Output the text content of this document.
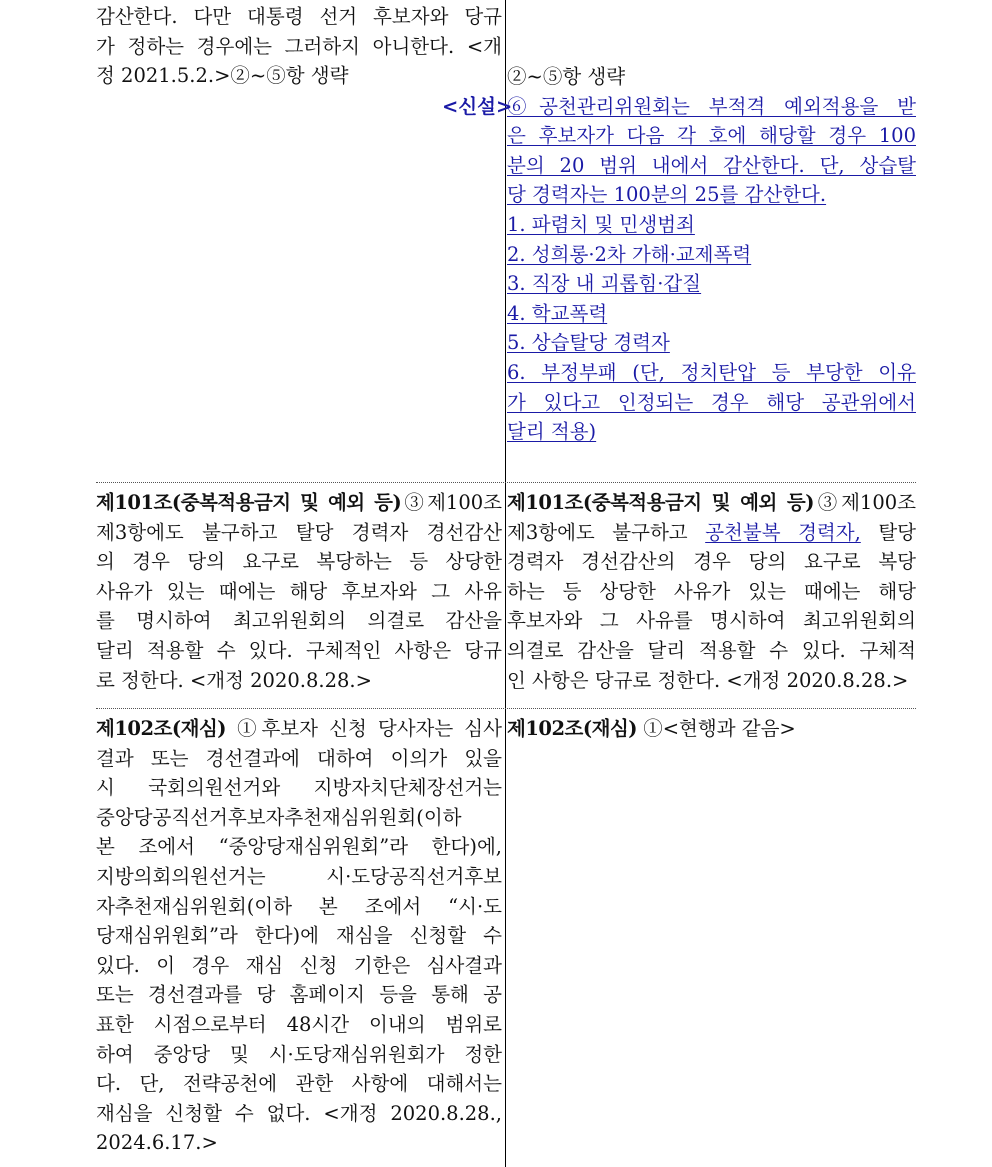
감산한다. 다만 대통령 선거 후보자와 당규
가 정하는 경우에는 그러하지 아니한다. <개
정 2021.5.2.>②~⑤항 생략
<신설>
②~⑤항 생략
⑥공천관리위원회는 부적격 예외적용을 받
은 후보자가 다음 각 호에 해당할 경우 100
분의 20 범위 내에서 감산한다. 단, 상습탈
당 경력자는 100분의 25를 감산한다.
1. 파렴치 및 민생범죄
2. 성희롱·2차 가해·교제폭력
3. 직장 내 괴롭힘·갑질
4. 학교폭력
5. 상습탈당 경력자
6. 부정부패 (단, 정치탄압 등 부당한 이유
가 있다고 인정되는 경우 해당 공관위에서
달리 적용)
제101조(중복적용금지 및 예외 등)③제100조
제3항에도 불구하고 탈당 경력자 경선감산
의 경우 당의 요구로 복당하는 등 상당한
사유가 있는 때에는 해당 후보자와 그 사유
를 명시하여 최고위원회의 의결로 감산을
달리 적용할 수 있다. 구체적인 사항은 당규
로 정한다. <개정 2020.8.28.>
제101조(중복적용금지 및 예외 등)③제100조
제3항에도 불구하고 공천불복 경력자, 탈당
경력자 경선감산의 경우 당의 요구로 복당
하는 등 상당한 사유가 있는 때에는 해당
후보자와 그 사유를 명시하여 최고위원회의
의결로 감산을 달리 적용할 수 있다. 구체적
인 사항은 당규로 정한다. <개정 2020.8.28.>
제102조(재심) ①후보자 신청 당사자는 심사
결과 또는 경선결과에 대하여 이의가 있을
시 국회의원선거와 지방자치단체장선거는
중앙당공직선거후보자추천재심위원회(이하
본 조에서 “중앙당재심위원회”라 한다)에,
지방의회의원선거는 시·도당공직선거후보
자추천재심위원회(이하 본 조에서 “시·도
당재심위원회”라 한다)에 재심을 신청할 수
있다. 이 경우 재심 신청 기한은 심사결과
또는 경선결과를 당 홈페이지 등을 통해 공
표한 시점으로부터 48시간 이내의 범위로
하여 중앙당 및 시·도당재심위원회가 정한
다. 단, 전략공천에 관한 사항에 대해서는
재심을 신청할 수 없다. <개정 2020.8.28.,
2024.6.17.>
제102조(재심) ①<현행과 같음>
